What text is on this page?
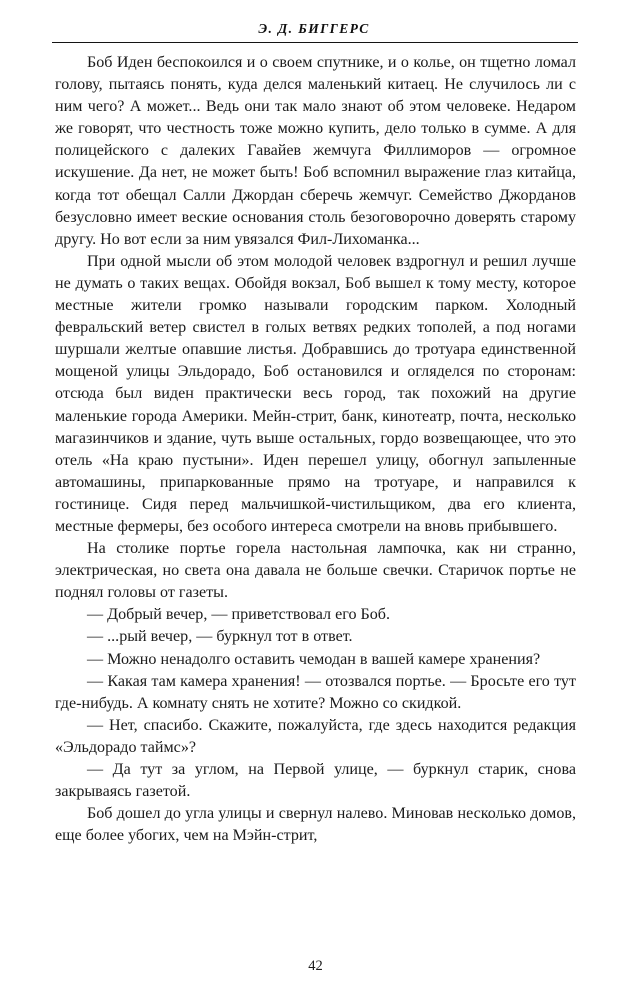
Э. Д. БИГГЕРС

Боб Иден беспокоился и о своем спутнике, и о колье, он тщетно ломал голову, пытаясь понять, куда делся маленький китаец. Не случилось ли с ним чего? А может... Ведь они так мало знают об этом человеке. Недаром же говорят, что честность тоже можно купить, дело только в сумме. А для полицейского с далеких Гавайев жемчуга Филлиморов — огромное искушение. Да нет, не может быть! Боб вспомнил выражение глаз китайца, когда тот обещал Салли Джордан сберечь жемчуг. Семейство Джорданов безусловно имеет веские основания столь безоговорочно доверять старому другу. Но вот если за ним увязался Фил-Лихоманка...

При одной мысли об этом молодой человек вздрогнул и решил лучше не думать о таких вещах. Обойдя вокзал, Боб вышел к тому месту, которое местные жители громко называли городским парком. Холодный февральский ветер свистел в голых ветвях редких тополей, а под ногами шуршали желтые опавшие листья. Добравшись до тротуара единственной мощеной улицы Эльдорадо, Боб остановился и огляделся по сторонам: отсюда был виден практически весь город, так похожий на другие маленькие города Америки. Мейн-стрит, банк, кинотеатр, почта, несколько магазинчиков и здание, чуть выше остальных, гордо возвещающее, что это отель «На краю пустыни». Иден перешел улицу, обогнул запыленные автомашины, припаркованные прямо на тротуаре, и направился к гостинице. Сидя перед мальчишкой-чистильщиком, два его клиента, местные фермеры, без особого интереса смотрели на вновь прибывшего.

На столике портье горела настольная лампочка, как ни странно, электрическая, но света она давала не больше свечки. Старичок портье не поднял головы от газеты.

— Добрый вечер, — приветствовал его Боб.

— ...рый вечер, — буркнул тот в ответ.

— Можно ненадолго оставить чемодан в вашей камере хранения?

— Какая там камера хранения! — отозвался портье. — Бросьте его тут где-нибудь. А комнату снять не хотите? Можно со скидкой.

— Нет, спасибо. Скажите, пожалуйста, где здесь находится редакция «Эльдорадо таймс»?

— Да тут за углом, на Первой улице, — буркнул старик, снова закрываясь газетой.

Боб дошел до угла улицы и свернул налево. Миновав несколько домов, еще более убогих, чем на Мэйн-стрит,

42
